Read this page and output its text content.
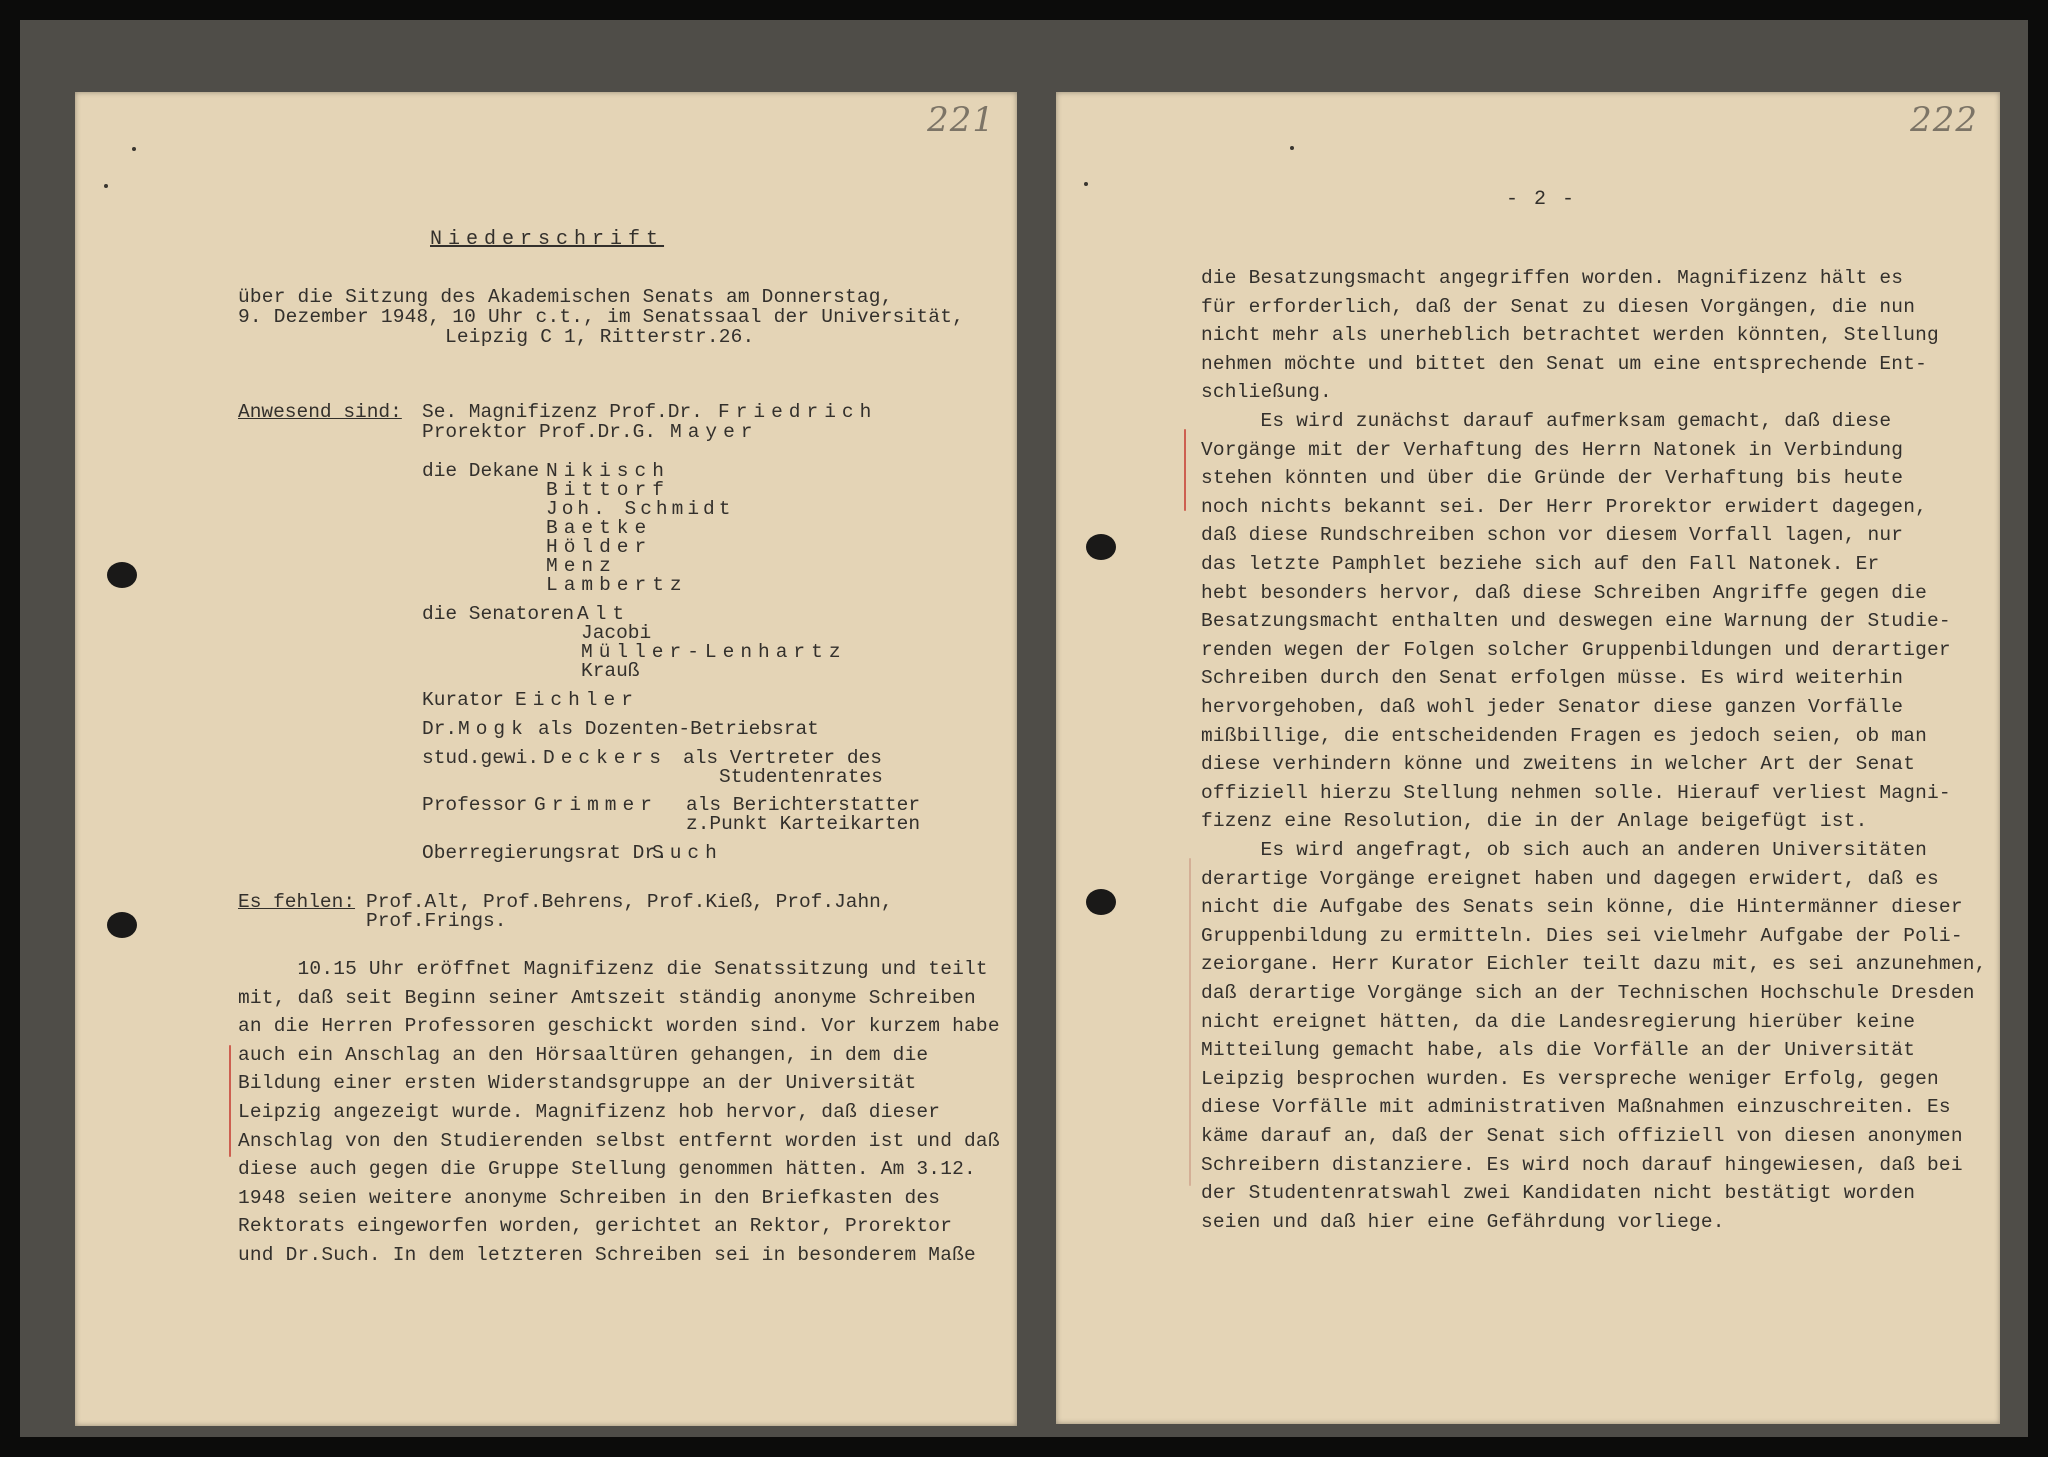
221
Niederschrift
über die Sitzung des Akademischen Senats am Donnerstag,
9. Dezember 1948, 10 Uhr c.t., im Senatssaal der Universität,
Leipzig C 1, Ritterstr.26.
Anwesend sind: Se. Magnifizenz Prof.Dr. Friedrich
Prorektor Prof.Dr.G. Mayer
die Dekane Nikisch
Bittorf
Joh. Schmidt
Baetke
Hölder
Menz
Lambertz
die Senatoren Alt
Jacobi
Müller-Lenhartz
Krauß
Kurator Eichler
Dr. Mogk als Dozenten-Betriebsrat
stud.gewi. Deckers als Vertreter des
Studentenrates
Professor Grimmer als Berichterstatter
z.Punkt Karteikarten
Oberregierungsrat Dr.
Such
Es fehlen: Prof.Alt, Prof.Behrens, Prof.Kieß, Prof.Jahn,
Prof.Frings.
10.15 Uhr eröffnet Magnifizenz die Senatssitzung und teilt
mit, daß seit Beginn seiner Amtszeit ständig anonyme Schreiben
an die Herren Professoren geschickt worden sind. Vor kurzem habe
auch ein Anschlag an den Hörsaaltüren gehangen, in dem die
Bildung einer ersten Widerstandsgruppe an der Universität
Leipzig angezeigt wurde. Magnifizenz hob hervor, daß dieser
Anschlag von den Studierenden selbst entfernt worden ist und daß
diese auch gegen die Gruppe Stellung genommen hätten. Am 3.12.
1948 seien weitere anonyme Schreiben in den Briefkasten des
Rektorats eingeworfen worden, gerichtet an Rektor, Prorektor
und Dr.Such. In dem letzteren Schreiben sei in besonderem Maße
222
- 2 -
die Besatzungsmacht angegriffen worden. Magnifizenz hält es
für erforderlich, daß der Senat zu diesen Vorgängen, die nun
nicht mehr als unerheblich betrachtet werden könnten, Stellung
nehmen möchte und bittet den Senat um eine entsprechende Ent-
schließung.
Es wird zunächst darauf aufmerksam gemacht, daß diese
Vorgänge mit der Verhaftung des Herrn Natonek in Verbindung
stehen könnten und über die Gründe der Verhaftung bis heute
noch nichts bekannt sei. Der Herr Prorektor erwidert dagegen,
daß diese Rundschreiben schon vor diesem Vorfall lagen, nur
das letzte Pamphlet beziehe sich auf den Fall Natonek. Er
hebt besonders hervor, daß diese Schreiben Angriffe gegen die
Besatzungsmacht enthalten und deswegen eine Warnung der Studie-
renden wegen der Folgen solcher Gruppenbildungen und derartiger
Schreiben durch den Senat erfolgen müsse. Es wird weiterhin
hervorgehoben, daß wohl jeder Senator diese ganzen Vorfälle
mißbillige, die entscheidenden Fragen es jedoch seien, ob man
diese verhindern könne und zweitens in welcher Art der Senat
offiziell hierzu Stellung nehmen solle. Hierauf verliest Magni-
fizenz eine Resolution, die in der Anlage beigefügt ist.
Es wird angefragt, ob sich auch an anderen Universitäten
derartige Vorgänge ereignet haben und dagegen erwidert, daß es
nicht die Aufgabe des Senats sein könne, die Hintermänner dieser
Gruppenbildung zu ermitteln. Dies sei vielmehr Aufgabe der Poli-
zeiorgane. Herr Kurator Eichler teilt dazu mit, es sei anzunehmen,
daß derartige Vorgänge sich an der Technischen Hochschule Dresden
nicht ereignet hätten, da die Landesregierung hierüber keine
Mitteilung gemacht habe, als die Vorfälle an der Universität
Leipzig besprochen wurden. Es verspreche weniger Erfolg, gegen
diese Vorfälle mit administrativen Maßnahmen einzuschreiten. Es
käme darauf an, daß der Senat sich offiziell von diesen anonymen
Schreibern distanziere. Es wird noch darauf hingewiesen, daß bei
der Studentenratswahl zwei Kandidaten nicht bestätigt worden
seien und daß hier eine Gefährdung vorliege.
